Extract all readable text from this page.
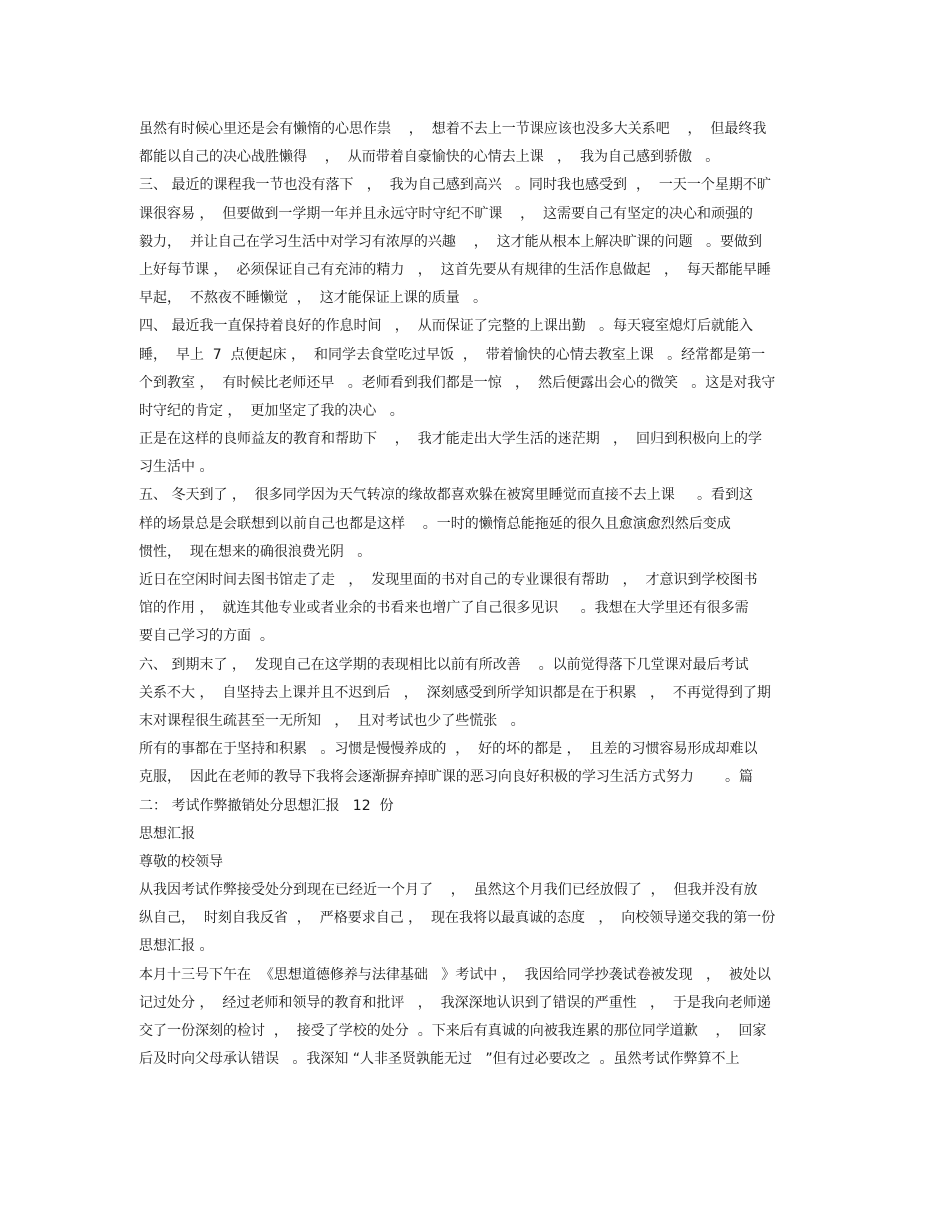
虽然有时候心里还是会有懒惰的心思作祟    ，  想着不去上一节课应该也没多大关系吧    ，  但最终我
都能以自己的决心战胜懒得    ，  从而带着自豪愉快的心情去上课   ，  我为自己感到骄傲   。
三、 最近的课程我一节也没有落下   ，  我为自己感到高兴   。同时我也感受到  ，  一天一个星期不旷
课很容易 ，  但要做到一学期一年并且永远守时守纪不旷课    ，  这需要自己有坚定的决心和顽强的
毅力，  并让自己在学习生活中对学习有浓厚的兴趣    ，  这才能从根本上解决旷课的问题   。要做到
上好每节课 ，  必须保证自己有充沛的精力   ，  这首先要从有规律的生活作息做起   ，  每天都能早睡
早起，  不熬夜不睡懒觉  ，  这才能保证上课的质量   。
四、 最近我一直保持着良好的作息时间   ，  从而保证了完整的上课出勤   。每天寝室熄灯后就能入
睡，  早上  7  点便起床 ，  和同学去食堂吃过早饭  ，  带着愉快的心情去教室上课   。经常都是第一
个到教室 ，  有时候比老师还早   。老师看到我们都是一惊   ，  然后便露出会心的微笑   。这是对我守
时守纪的肯定 ，  更加坚定了我的决心   。
正是在这样的良师益友的教育和帮助下    ，  我才能走出大学生活的迷茫期   ，  回归到积极向上的学
习生活中 。
五、 冬天到了 ，  很多同学因为天气转凉的缘故都喜欢躲在被窝里睡觉而直接不去上课     。看到这
样的场景总是会联想到以前自己也都是这样    。一时的懒惰总能拖延的很久且愈演愈烈然后变成
惯性，  现在想来的确很浪费光阴   。
近日在空闲时间去图书馆走了走   ，  发现里面的书对自己的专业课很有帮助   ，  才意识到学校图书
馆的作用 ，  就连其他专业或者业余的书看来也增广了自己很多见识     。我想在大学里还有很多需
要自己学习的方面  。
六、 到期末了 ，  发现自己在这学期的表现相比以前有所改善    。以前觉得落下几堂课对最后考试
关系不大 ，  自坚持去上课并且不迟到后   ，  深刻感受到所学知识都是在于积累   ，  不再觉得到了期
末对课程很生疏甚至一无所知   ，  且对考试也少了些慌张   。
所有的事都在于坚持和积累   。习惯是慢慢养成的  ，  好的坏的都是 ，  且差的习惯容易形成却难以
克服，  因此在老师的教导下我将会逐渐摒弃掉旷课的恶习向良好积极的学习生活方式努力       。篇
二： 考试作弊撤销处分思想汇报   12  份
思想汇报
尊敬的校领导
从我因考试作弊接受处分到现在已经近一个月了    ，  虽然这个月我们已经放假了  ，  但我并没有放
纵自己，  时刻自我反省  ，  严格要求自己 ，  现在我将以最真诚的态度   ，  向校领导递交我的第一份
思想汇报 。
本月十三号下午在  《思想道德修养与法律基础   》考试中 ，  我因给同学抄袭试卷被发现   ，  被处以
记过处分 ，  经过老师和领导的教育和批评   ，  我深深地认识到了错误的严重性   ，  于是我向老师递
交了一份深刻的检讨  ，  接受了学校的处分  。下来后有真诚的向被我连累的那位同学道歉    ，  回家
后及时向父母承认错误   。我深知 “人非圣贤孰能无过   ”但有过必要改之  。虽然考试作弊算不上
